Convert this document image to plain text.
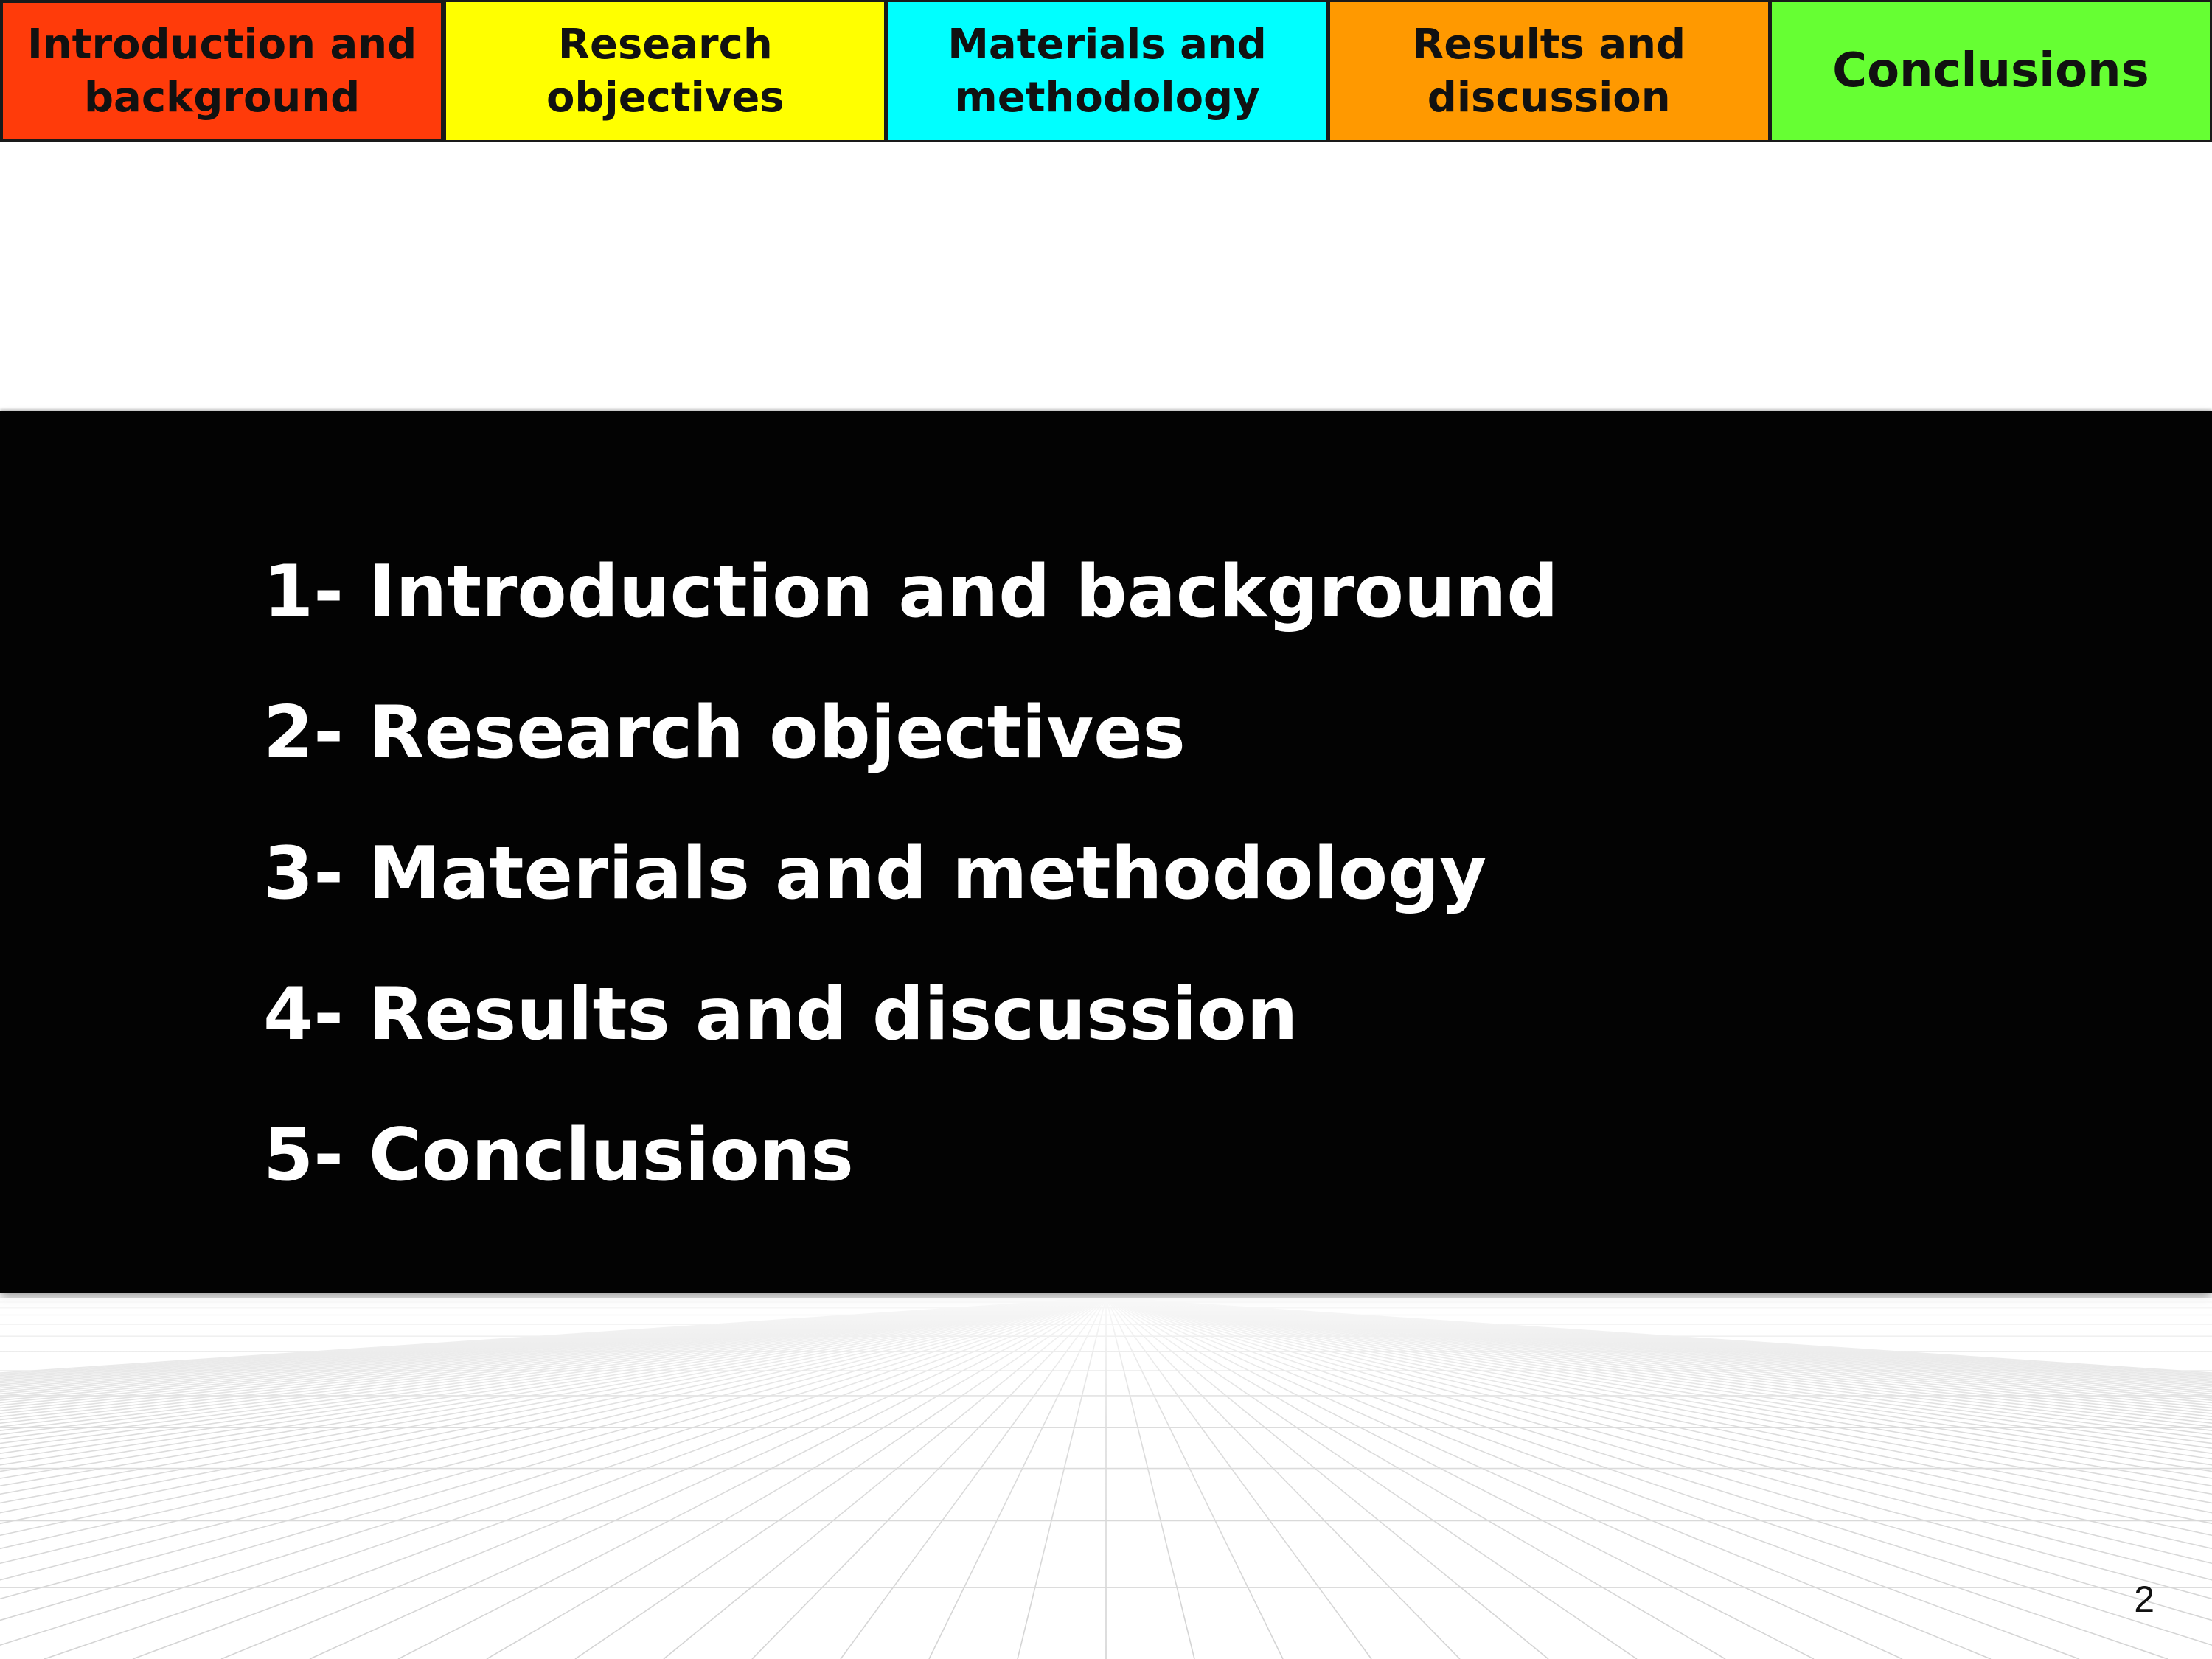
Introduction and
background
Research
objectives
Materials and
methodology
Results and
discussion	Conclusions
1- Introduction and background
2- Research objectives
3- Materials and methodology
4- Results and discussion
5- Conclusions
2
